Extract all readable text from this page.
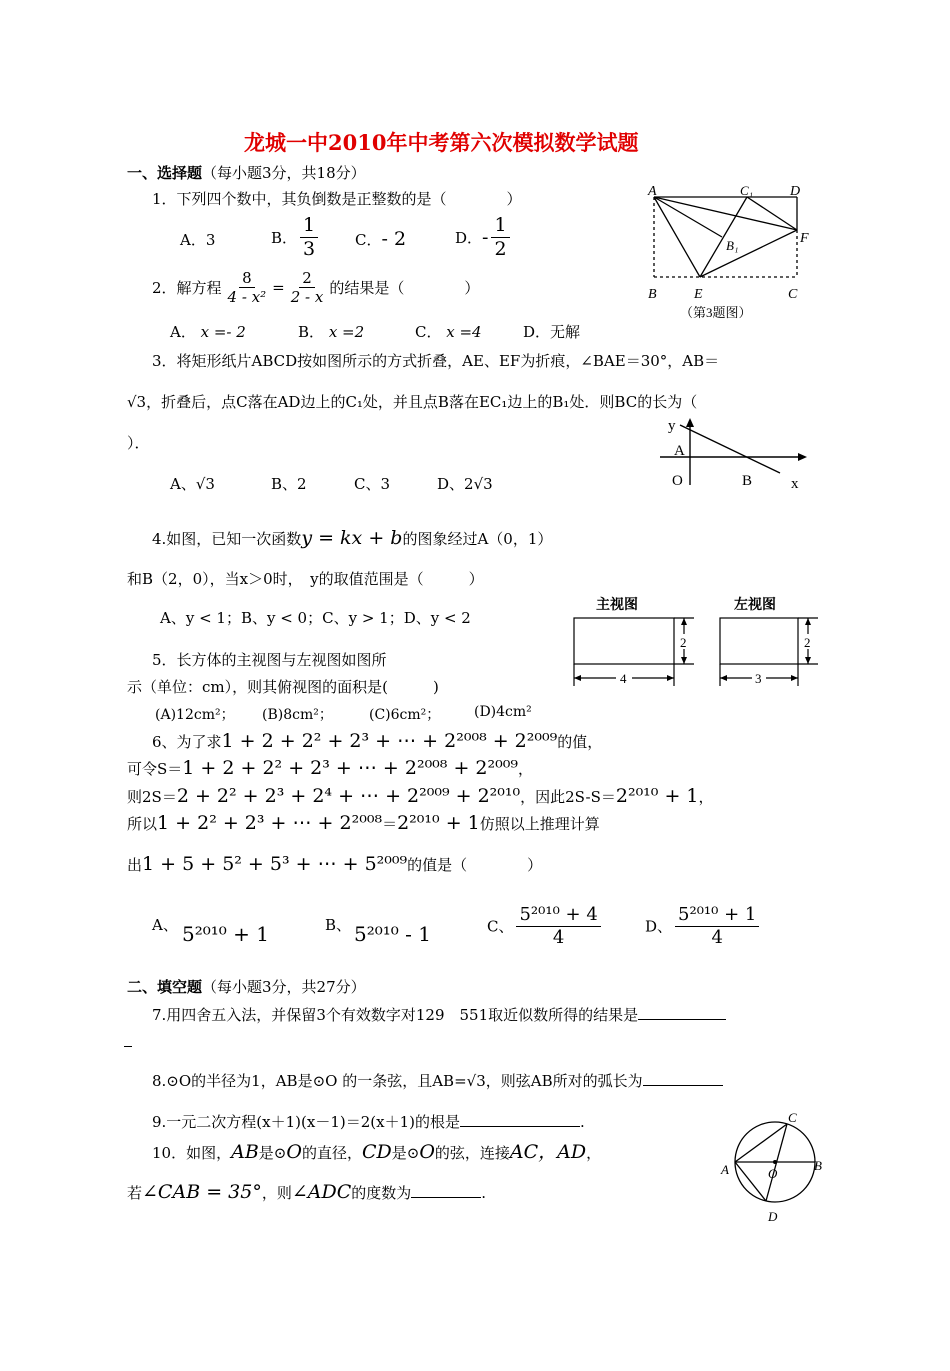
龙城一中2010年中考第六次模拟数学试题
一、选择题（每小题3分，共18分）
1．下列四个数中，其负倒数是正整数的是（　　　　）
A．3	B． $\frac{1}{3}$ C．- 2	D．- $\frac{1}{2}$
2．解方程 $\frac{8}{\text{4 - x²}} = \frac{2}{2 - x}$ 的结果是（　　　　）
A． x =- 2	B． x =2	C． x =4	D．无解
A	C₁	D
B₁	F
B	E	C
（第3题图）
3．将矩形纸片ABCD按如图所示的方式折叠，AE、EF为折痕，∠BAE＝30°，AB＝
√3，折叠后，点C落在AD边上的C₁处，并且点B落在EC₁边上的B₁处．则BC的长为（
）．
A、√3	B、2	C、3	D、2√3
y
A
O	B	x
4.如图，已知一次函数y = kx + b的图象经过A（0，1）
和B（2，0），当x＞0时，　y的取值范围是（　　　）
A、y < 1；B、y < 0；C、y > 1；D、y < 2
主视图	左视图
2
4
2
3
5．长方体的主视图与左视图如图所
示（单位：cm），则其俯视图的面积是(　　　)
(A)12cm²； (B)8cm²；	(C)6cm²； (D)4cm²
6、为了求1 + 2 + 2² + 2³ + ⋯ + 2²⁰⁰⁸ + 2²⁰⁰⁹的值，
可令S＝1 + 2 + 2² + 2³ + ⋯ + 2²⁰⁰⁸ + 2²⁰⁰⁹，
则2S＝2 + 2² + 2³ + 2⁴ + ⋯ + 2²⁰⁰⁹ + 2²⁰¹⁰，因此2S-S＝2²⁰¹⁰ + 1，
所以1 + 2² + 2³ + ⋯ + 2²⁰⁰⁸＝2²⁰¹⁰ + 1仿照以上推理计算
出1 + 5 + 5² + 5³ + ⋯ + 5²⁰⁰⁹的值是（　　　　）
A、 5²⁰¹⁰ + 1	B、 5²⁰¹⁰ - 1	C、 $\frac{\text{5²⁰¹⁰ + 4}}{4}$	D、 $\frac{\text{5²⁰¹⁰ + 1}}{4}$
二、填空题（每小题3分，共27分）
7.用四舍五入法，并保留3个有效数字对129　551取近似数所得的结果是
8.⊙O的半径为1，AB是⊙O 的一条弦，且AB=√3，则弦AB所对的弧长为
A	B
C
D
O
9.一元二次方程(x＋1)(x－1)＝2(x＋1)的根是	.
10．如图，AB是⊙O的直径，CD是⊙O的弦，连接AC，AD，
若∠CAB = 35°，则∠ADC的度数为	.
